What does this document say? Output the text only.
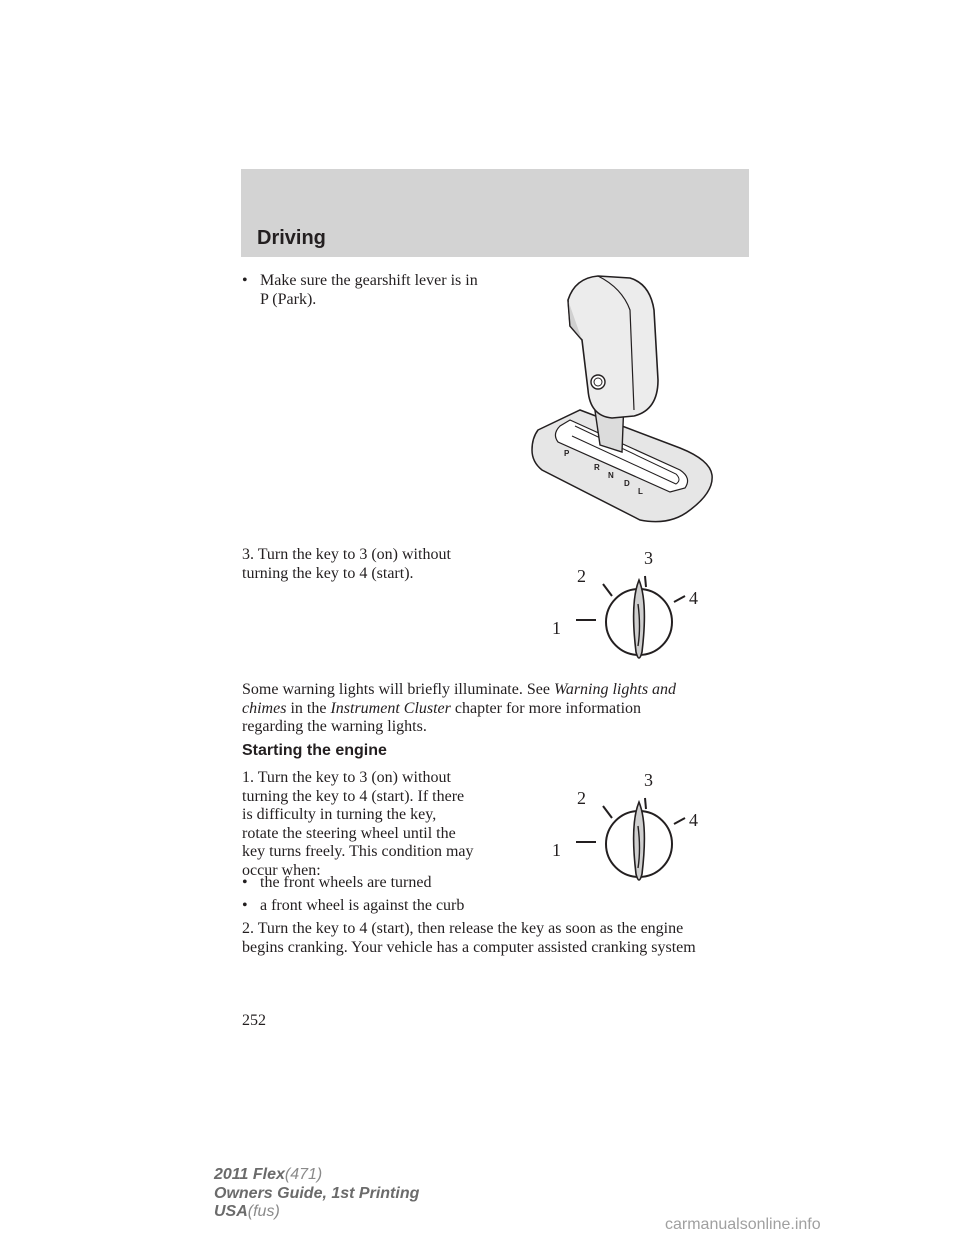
Driving
• Make sure the gearshift lever is in
P (Park).
P
R
N
D
L
3. Turn the key to 3 (on) without
turning the key to 4 (start).
1
2
3
4
Some warning lights will briefly illuminate. See Warning lights and
chimes in the Instrument Cluster chapter for more information
regarding the warning lights.
Starting the engine
1. Turn the key to 3 (on) without
turning the key to 4 (start). If there
is difficulty in turning the key,
rotate the steering wheel until the
key turns freely. This condition may
occur when:
• the front wheels are turned
• a front wheel is against the curb
1
2
3
4
2. Turn the key to 4 (start), then release the key as soon as the engine
begins cranking. Your vehicle has a computer assisted cranking system
252
2011 Flex(471)
Owners Guide, 1st Printing
USA(fus)
carmanualsonline.info
